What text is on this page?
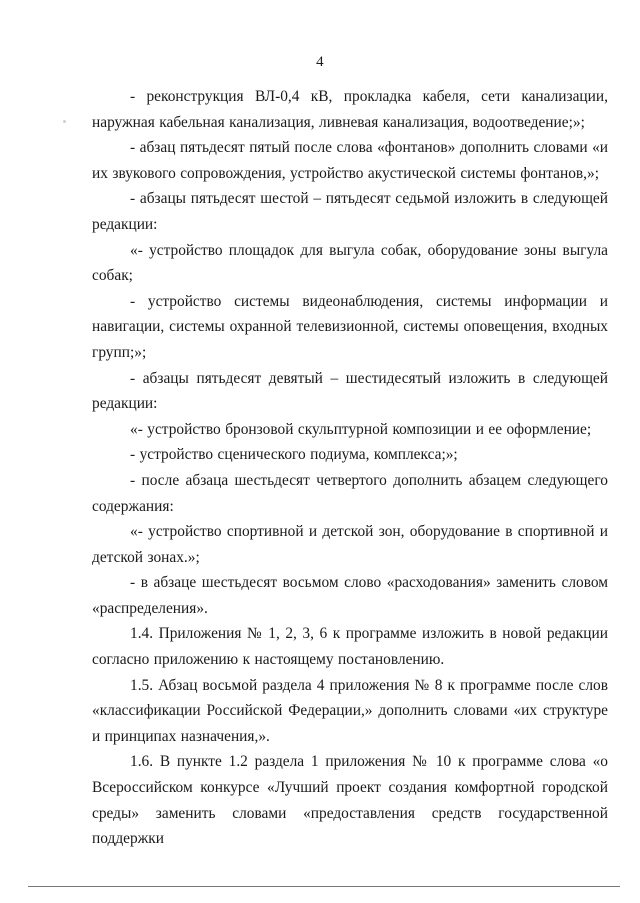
4

- реконструкция ВЛ-0,4 кВ, прокладка кабеля, сети канализации, наружная кабельная канализация, ливневая канализация, водоотведение;»;

- абзац пятьдесят пятый после слова «фонтанов» дополнить словами «и их звукового сопровождения, устройство акустической системы фонтанов,»;

- абзацы пятьдесят шестой – пятьдесят седьмой изложить в следующей редакции:

«- устройство площадок для выгула собак, оборудование зоны выгула собак;

- устройство системы видеонаблюдения, системы информации и навигации, системы охранной телевизионной, системы оповещения, входных групп;»;

- абзацы пятьдесят девятый – шестидесятый изложить в следующей редакции:

«- устройство бронзовой скульптурной композиции и ее оформление;

- устройство сценического подиума, комплекса;»;

- после абзаца шестьдесят четвертого дополнить абзацем следующего содержания:

«- устройство спортивной и детской зон, оборудование в спортивной и детской зонах.»;

- в абзаце шестьдесят восьмом слово «расходования» заменить словом «распределения».

1.4. Приложения № 1, 2, 3, 6 к программе изложить в новой редакции согласно приложению к настоящему постановлению.

1.5. Абзац восьмой раздела 4 приложения № 8 к программе после слов «классификации Российской Федерации,» дополнить словами «их структуре и принципах назначения,».

1.6. В пункте 1.2 раздела 1 приложения № 10 к программе слова «о Всероссийском конкурсе «Лучший проект создания комфортной городской среды» заменить словами «предоставления средств государственной поддержки
